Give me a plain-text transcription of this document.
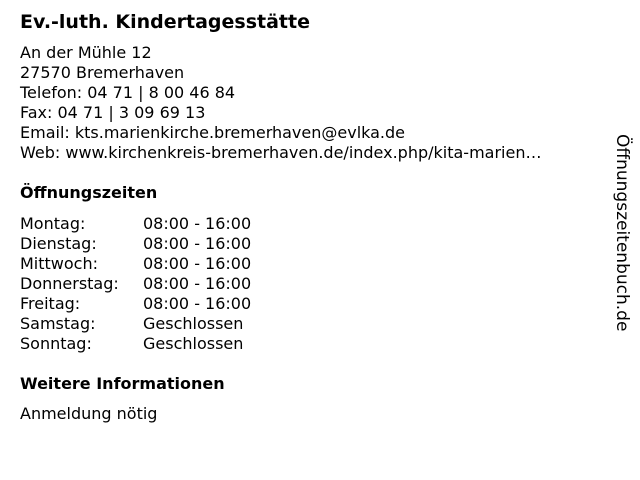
Ev.-luth. Kindertagesstätte
An der Mühle 12
27570 Bremerhaven
Telefon: 04 71 | 8 00 46 84
Fax: 04 71 | 3 09 69 13
Email: kts.marienkirche.bremerhaven@evlka.de
Web: www.kirchenkreis-bremerhaven.de/index.php/kita-marien…
Öffnungszeiten
Montag:	08:00 - 16:00
Dienstag:	08:00 - 16:00
Mittwoch:	08:00 - 16:00
Donnerstag: 08:00 - 16:00
Freitag:	08:00 - 16:00
Samstag:	Geschlossen
Sonntag:	Geschlossen
Weitere Informationen
Anmeldung nötig
Öffnungszeitenbuch.de
